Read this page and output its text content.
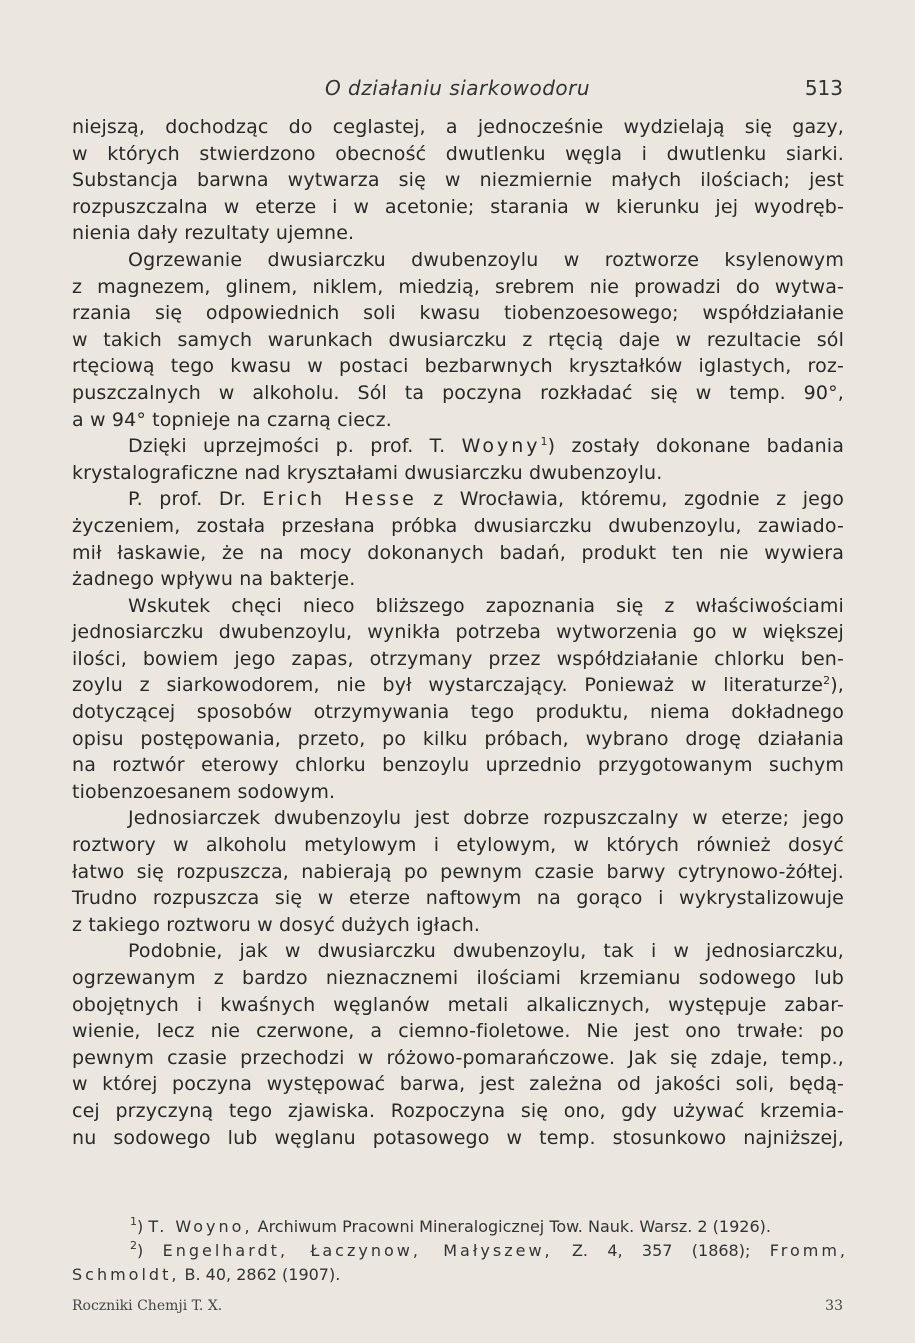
O działaniu siarkowodoru	513
niejszą, dochodząc do ceglastej, a jednocześnie wydzielają się gazy,
w których stwierdzono obecność dwutlenku węgla i dwutlenku siarki.
Substancja barwna wytwarza się w niezmiernie małych ilościach; jest
rozpuszczalna w eterze i w acetonie; starania w kierunku jej wyodręb-
nienia dały rezultaty ujemne.
Ogrzewanie dwusiarczku dwubenzoylu w roztworze ksylenowym
z magnezem, glinem, niklem, miedzią, srebrem nie prowadzi do wytwa-
rzania się odpowiednich soli kwasu tiobenzoesowego; współdziałanie
w takich samych warunkach dwusiarczku z rtęcią daje w rezultacie sól
rtęciową tego kwasu w postaci bezbarwnych kryształków iglastych, roz-
puszczalnych w alkoholu. Sól ta poczyna rozkładać się w temp. 90°,
a w 94° topnieje na czarną ciecz.
Dzięki uprzejmości p. prof. T. Woyny$^1$) zostały dokonane badania
krystalograficzne nad kryształami dwusiarczku dwubenzoylu.
P. prof. Dr. Erich Hesse z Wrocławia, któremu, zgodnie z jego
życzeniem, została przesłana próbka dwusiarczku dwubenzoylu, zawiado-
mił łaskawie, że na mocy dokonanych badań, produkt ten nie wywiera
żadnego wpływu na bakterje.
Wskutek chęci nieco bliższego zapoznania się z właściwościami
jednosiarczku dwubenzoylu, wynikła potrzeba wytworzenia go w większej
ilości, bowiem jego zapas, otrzymany przez współdziałanie chlorku ben-
zoylu z siarkowodorem, nie był wystarczający. Ponieważ w literaturze$^2$),
dotyczącej sposobów otrzymywania tego produktu, niema dokładnego
opisu postępowania, przeto, po kilku próbach, wybrano drogę działania
na roztwór eterowy chlorku benzoylu uprzednio przygotowanym suchym
tiobenzoesanem sodowym.
Jednosiarczek dwubenzoylu jest dobrze rozpuszczalny w eterze; jego
roztwory w alkoholu metylowym i etylowym, w których również dosyć
łatwo się rozpuszcza, nabierają po pewnym czasie barwy cytrynowo-żółtej.
Trudno rozpuszcza się w eterze naftowym na gorąco i wykrystalizowuje
z takiego roztworu w dosyć dużych igłach.
Podobnie, jak w dwusiarczku dwubenzoylu, tak i w jednosiarczku,
ogrzewanym z bardzo nieznacznemi ilościami krzemianu sodowego lub
obojętnych i kwaśnych węglanów metali alkalicznych, występuje zabar-
wienie, lecz nie czerwone, a ciemno-fioletowe. Nie jest ono trwałe: po
pewnym czasie przechodzi w różowo-pomarańczowe. Jak się zdaje, temp.,
w której poczyna występować barwa, jest zależna od jakości soli, będą-
cej przyczyną tego zjawiska. Rozpoczyna się ono, gdy używać krzemia-
nu sodowego lub węglanu potasowego w temp. stosunkowo najniższej,
$^1$) T. Woyno, Archiwum Pracowni Mineralogicznej Tow. Nauk. Warsz. 2 (1926).
$^2$) Engelhardt, Łaczynow, Małyszew, Z. 4, 357 (1868); Fromm,
Schmoldt, B. 40, 2862 (1907).
Roczniki Chemji T. X.	33
